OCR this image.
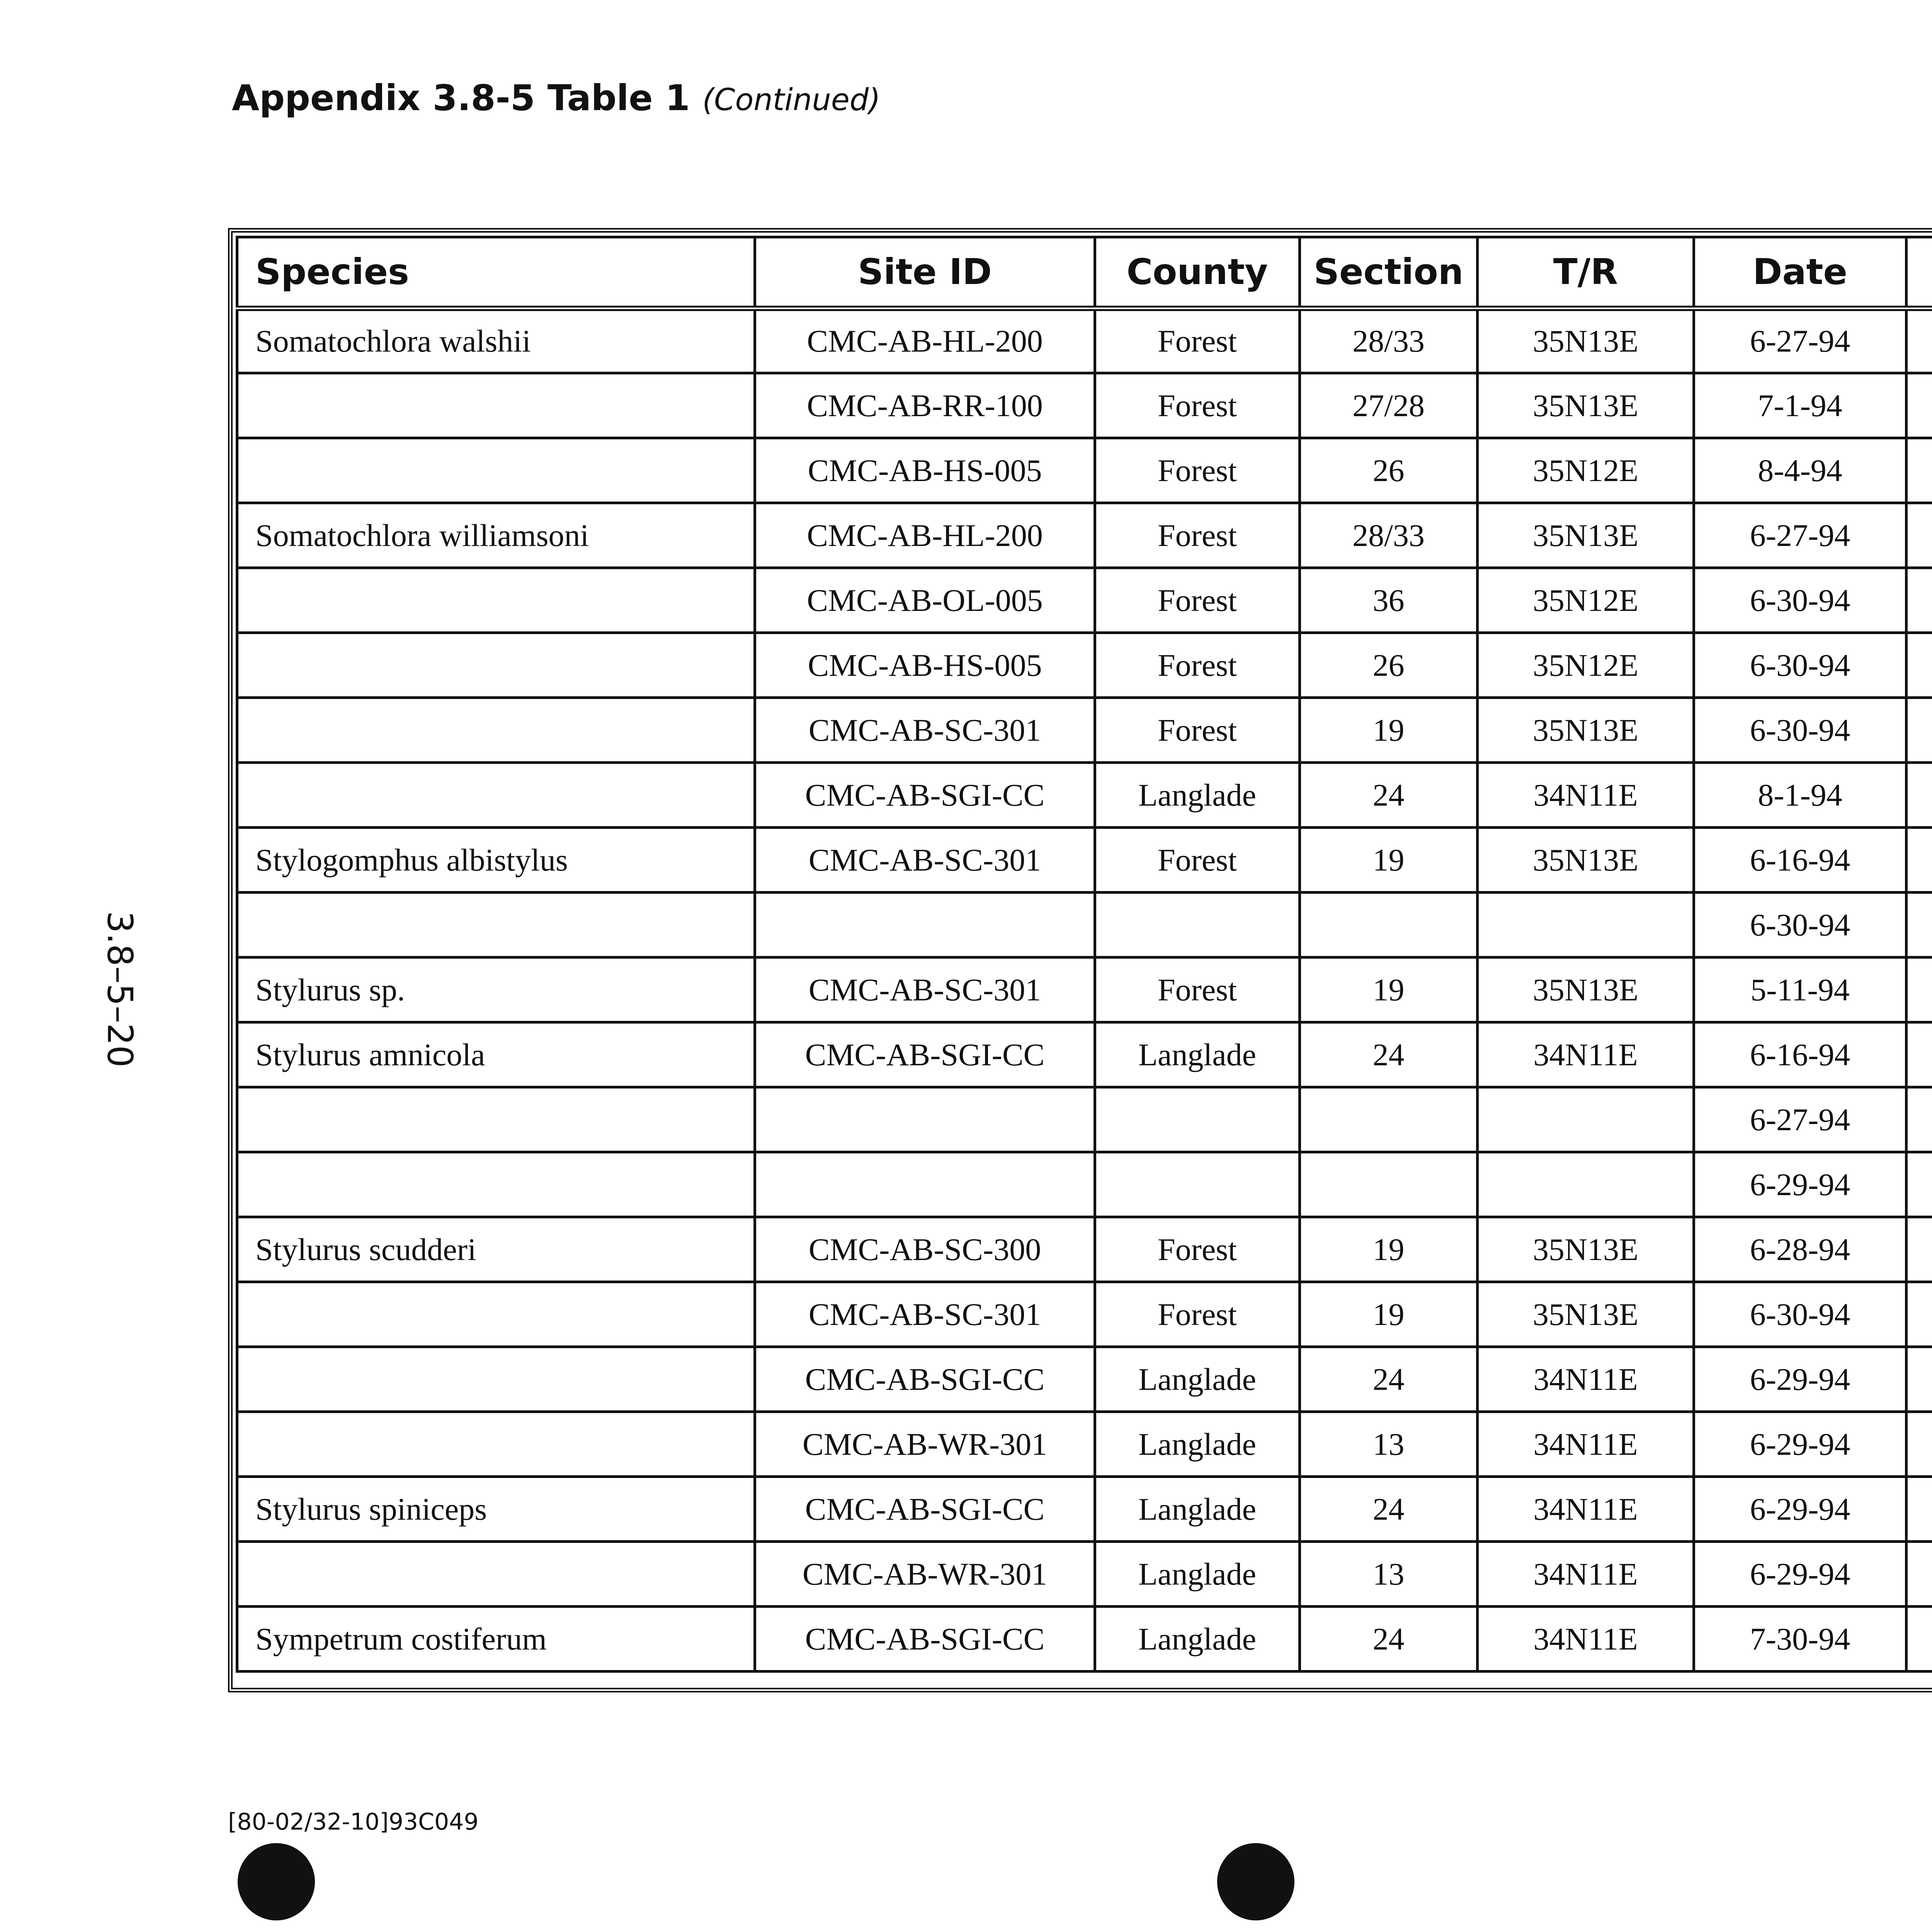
Appendix 3.8-5 Table 1 (Continued)
3.8–5–20
Species	Site ID	County	Section	T/R	Date			
Somatochlora walshii	CMC-AB-HL-200	Forest	28/33	35N13E	6-27-94			
	CMC-AB-RR-100	Forest	27/28	35N13E	7-1-94			
	CMC-AB-HS-005	Forest	26	35N12E	8-4-94			
Somatochlora williamsoni	CMC-AB-HL-200	Forest	28/33	35N13E	6-27-94			
	CMC-AB-OL-005	Forest	36	35N12E	6-30-94			
	CMC-AB-HS-005	Forest	26	35N12E	6-30-94			
	CMC-AB-SC-301	Forest	19	35N13E	6-30-94			
	CMC-AB-SGI-CC	Langlade	24	34N11E	8-1-94			
Stylogomphus albistylus	CMC-AB-SC-301	Forest	19	35N13E	6-16-94			
					6-30-94			
Stylurus sp.	CMC-AB-SC-301	Forest	19	35N13E	5-11-94			
Stylurus amnicola	CMC-AB-SGI-CC	Langlade	24	34N11E	6-16-94			
					6-27-94			
					6-29-94			
Stylurus scudderi	CMC-AB-SC-300	Forest	19	35N13E	6-28-94			
	CMC-AB-SC-301	Forest	19	35N13E	6-30-94			
	CMC-AB-SGI-CC	Langlade	24	34N11E	6-29-94			
	CMC-AB-WR-301	Langlade	13	34N11E	6-29-94			
Stylurus spiniceps	CMC-AB-SGI-CC	Langlade	24	34N11E	6-29-94			
	CMC-AB-WR-301	Langlade	13	34N11E	6-29-94			
Sympetrum costiferum	CMC-AB-SGI-CC	Langlade	24	34N11E	7-30-94			
[80-02/32-10]93C049
